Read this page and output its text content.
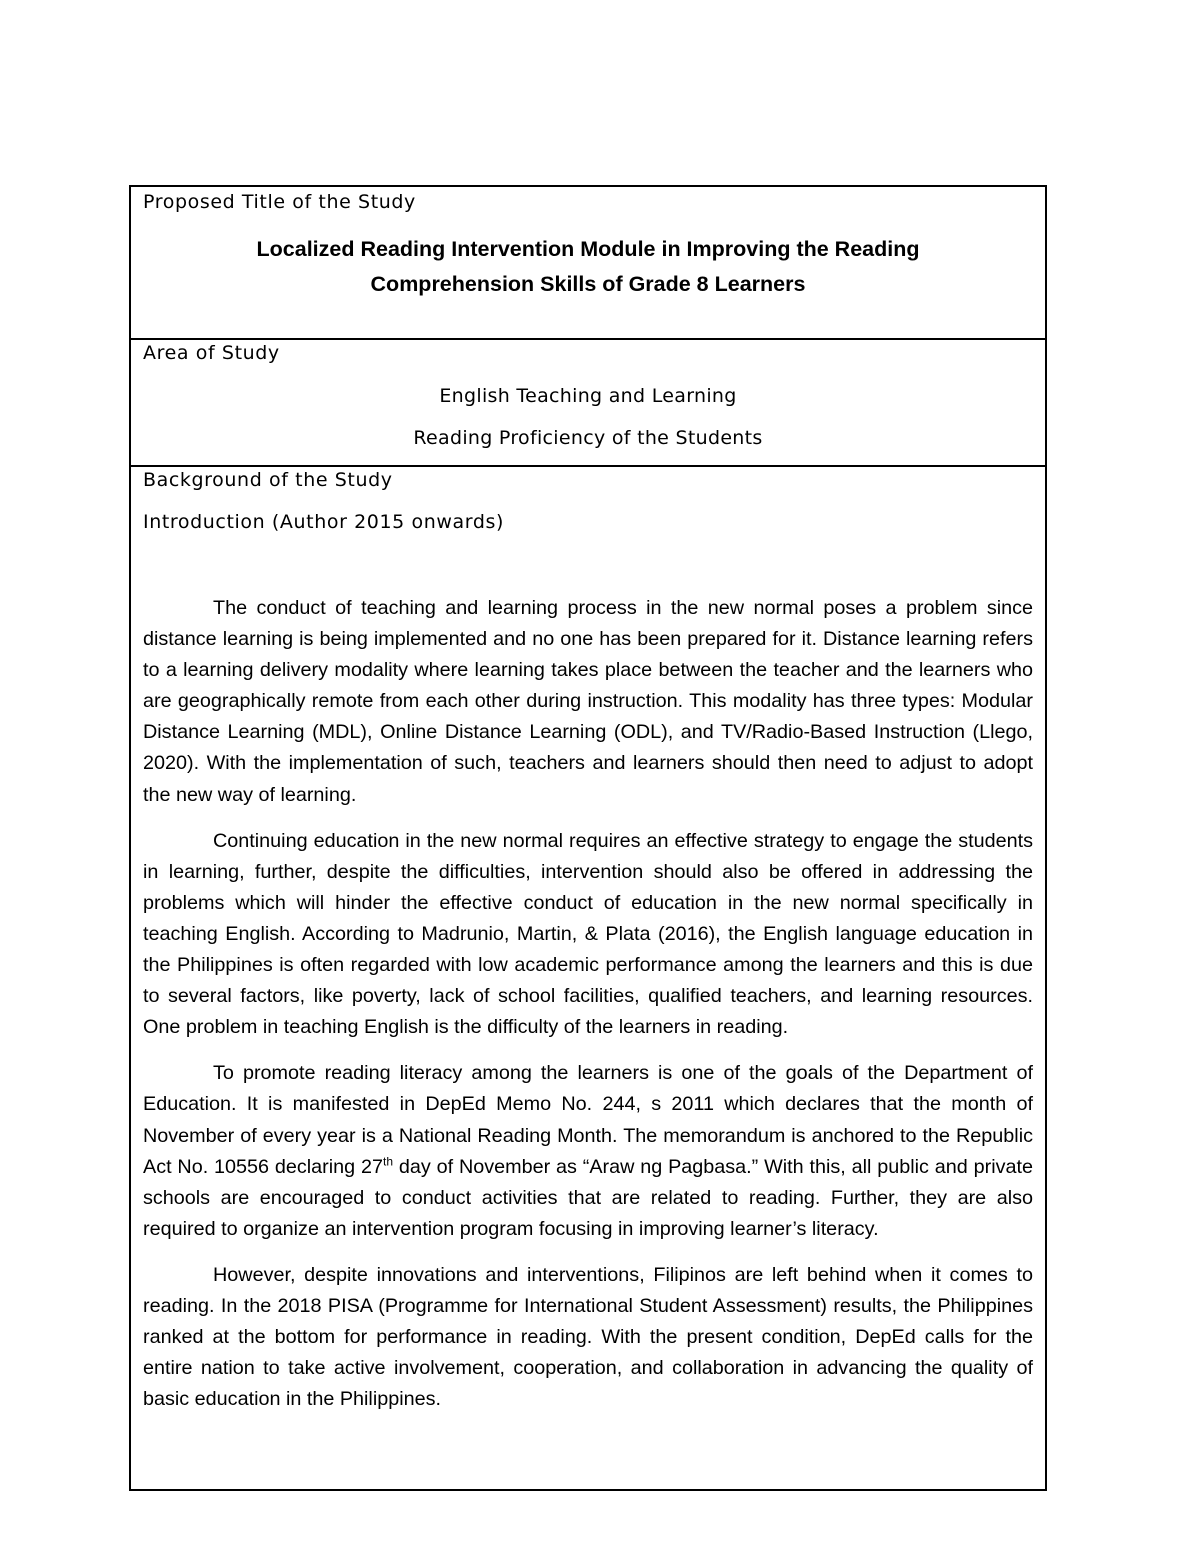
Proposed Title of the Study
Localized Reading Intervention Module in Improving the Reading
Comprehension Skills of Grade 8 Learners
Area of Study
English Teaching and Learning
Reading Proficiency of the Students
Background of the Study
Introduction (Author 2015 onwards)

The conduct of teaching and learning process in the new normal poses a problem since distance learning is being implemented and no one has been prepared for it. Distance learning refers to a learning delivery modality where learning takes place between the teacher and the learners who are geographically remote from each other during instruction. This modality has three types: Modular Distance Learning (MDL), Online Distance Learning (ODL), and TV/Radio-Based Instruction (Llego, 2020). With the implementation of such, teachers and learners should then need to adjust to adopt the new way of learning.

Continuing education in the new normal requires an effective strategy to engage the students in learning, further, despite the difficulties, intervention should also be offered in addressing the problems which will hinder the effective conduct of education in the new normal specifically in teaching English. According to Madrunio, Martin, & Plata (2016), the English language education in the Philippines is often regarded with low academic performance among the learners and this is due to several factors, like poverty, lack of school facilities, qualified teachers, and learning resources. One problem in teaching English is the difficulty of the learners in reading.

To promote reading literacy among the learners is one of the goals of the Department of Education. It is manifested in DepEd Memo No. 244, s 2011 which declares that the month of November of every year is a National Reading Month. The memorandum is anchored to the Republic Act No. 10556 declaring 27th day of November as “Araw ng Pagbasa.” With this, all public and private schools are encouraged to conduct activities that are related to reading. Further, they are also required to organize an intervention program focusing in improving learner’s literacy.

However, despite innovations and interventions, Filipinos are left behind when it comes to reading. In the 2018 PISA (Programme for International Student Assessment) results, the Philippines ranked at the bottom for performance in reading. With the present condition, DepEd calls for the entire nation to take active involvement, cooperation, and collaboration in advancing the quality of basic education in the Philippines.
